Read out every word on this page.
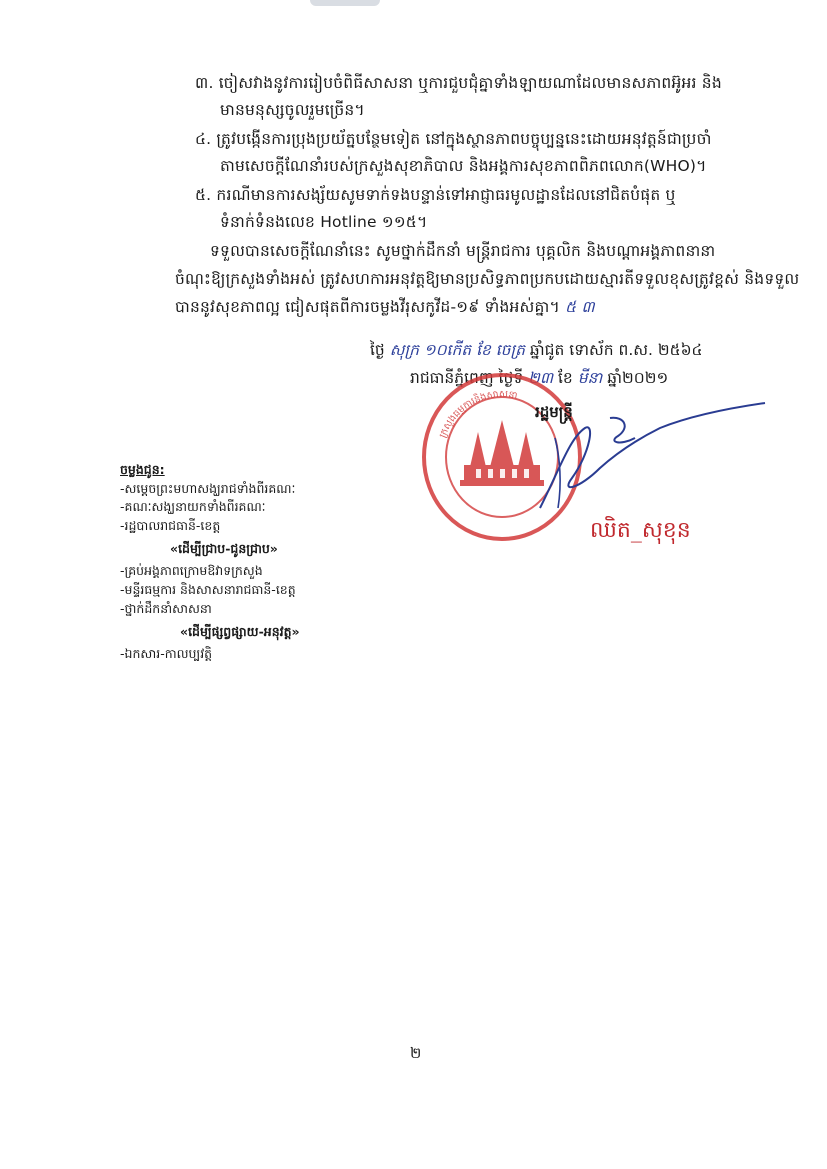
៣. ចៀសវាងនូវការរៀបចំពិធីសាសនា ឬការជួបជុំគ្នាទាំងឡាយណាដែលមានសភាពអ៊ូអរ និង
មានមនុស្សចូលរួមច្រើន។
៤. ត្រូវបង្កើនការប្រុងប្រយ័ត្នបន្ថែមទៀត នៅក្នុងស្ថានភាពបច្ចុប្បន្ននេះដោយអនុវត្តន៍ជាប្រចាំ
តាមសេចក្ដីណែនាំរបស់ក្រសួងសុខាភិបាល និងអង្គការសុខភាពពិភពលោក(WHO)។
៥. ករណីមានការសង្ស័យសូមទាក់ទងបន្ទាន់ទៅអាជ្ញាធរមូលដ្ឋានដែលនៅជិតបំផុត ឬ
ទំនាក់ទំនងលេខ Hotline ១១៥។
ទទួលបានសេចក្ដីណែនាំនេះ សូមថ្នាក់ដឹកនាំ មន្ត្រីរាជការ បុគ្គលិក និងបណ្ដាអង្គភាពនានា
ចំណុះឱ្យក្រសួងទាំងអស់ ត្រូវសហការអនុវត្តឱ្យមានប្រសិទ្ធភាពប្រកបដោយស្មារតីទទួលខុសត្រូវខ្ពស់ និងទទួល
បាននូវសុខភាពល្អ ជៀសផុតពីការចម្លងវីរុសកូវីដ-១៩ ទាំងអស់គ្នា។ ៥ ៣
ថ្ងៃ សុក្រ ១០កើត ខែ ចេត្រ ឆ្នាំជូត ទោស័ក ព.ស. ២៥៦៤
រាជធានីភ្នំពេញ ថ្ងៃទី ២៣ ខែ មីនា ឆ្នាំ២០២១
ក្រសួងធម្មការនិងសាសនា
រដ្ឋមន្ត្រី
ឈិត_សុខុន
ចម្លងជូន:
-សម្ដេចព្រះមហាសង្ឃរាជទាំងពីរគណៈ
-គណៈសង្ឃនាយកទាំងពីរគណៈ
-រដ្ឋបាលរាជធានី-ខេត្ត
«ដើម្បីជ្រាប-ជូនជ្រាប»
-គ្រប់អង្គភាពក្រោមឱវាទក្រសួង
-មន្ទីរធម្មការ និងសាសនារាជធានី-ខេត្ត
-ថ្នាក់ដឹកនាំសាសនា
«ដើម្បីផ្សព្វផ្សាយ-អនុវត្ត»
-ឯកសារ-កាលប្បវត្តិ
២
